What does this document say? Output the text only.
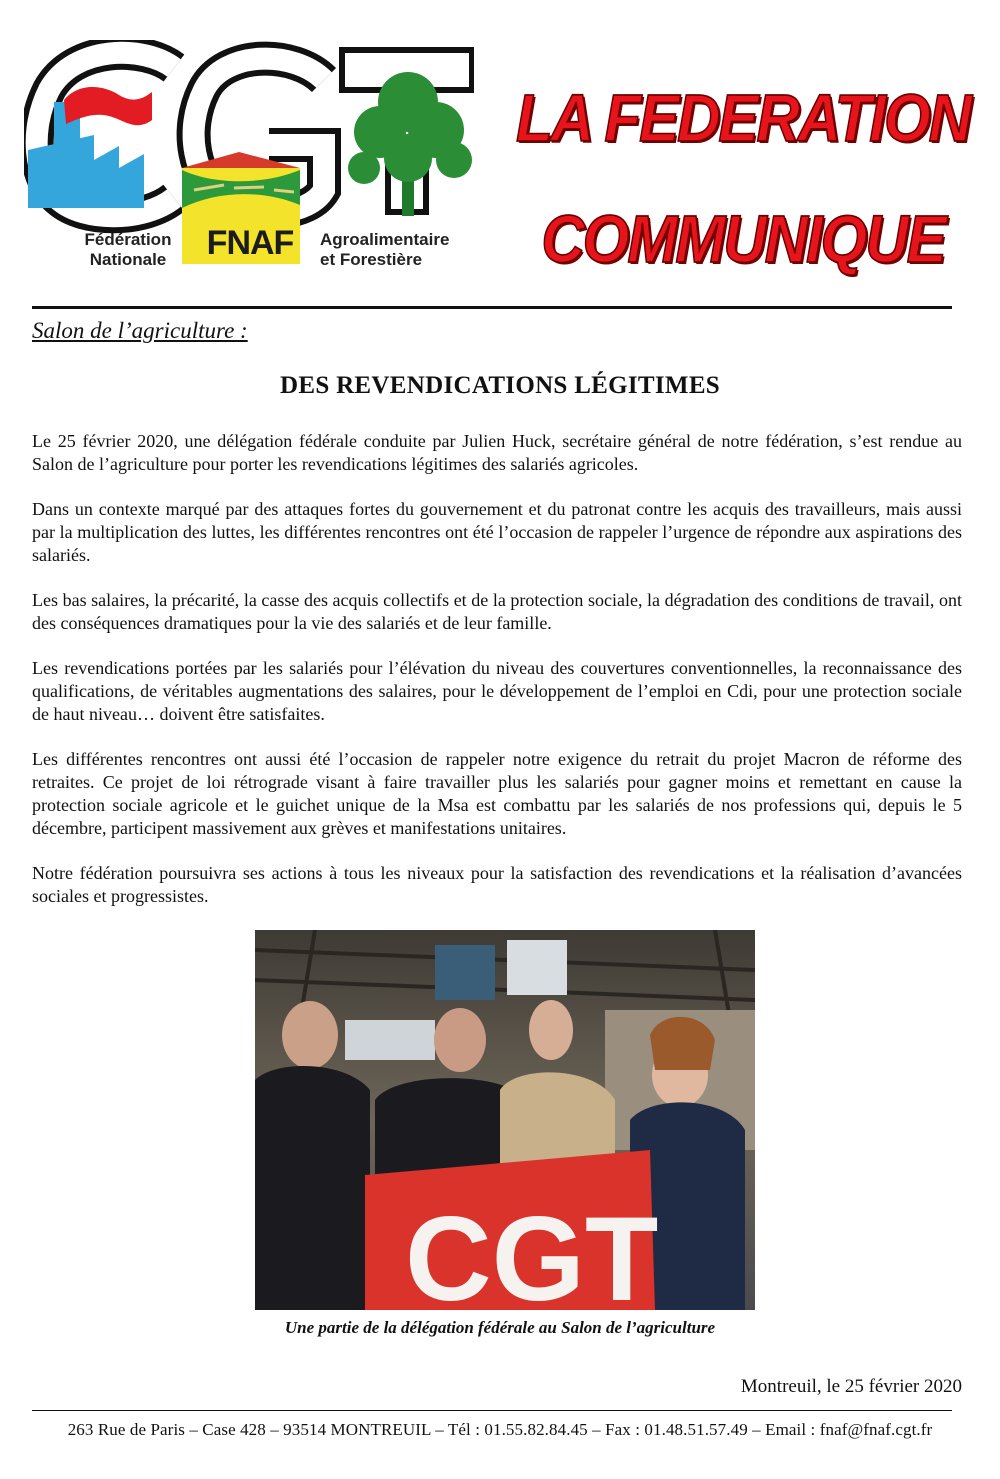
FNAF
Fédération
Nationale
Agroalimentaire
et Forestière
LA FEDERATION
COMMUNIQUE
Salon de l’agriculture :
DES REVENDICATIONS LÉGITIMES

Le 25 février 2020, une délégation fédérale conduite par Julien Huck, secrétaire général de notre fédération, s’est rendue au Salon de l’agriculture pour porter les revendications légitimes des salariés agricoles.

Dans un contexte marqué par des attaques fortes du gouvernement et du patronat contre les acquis des travailleurs, mais aussi par la multiplication des luttes, les différentes rencontres ont été l’occasion de rappeler l’urgence de répondre aux aspirations des salariés.

Les bas salaires, la précarité, la casse des acquis collectifs et de la protection sociale, la dégradation des conditions de travail, ont des conséquences dramatiques pour la vie des salariés et de leur famille.

Les revendications portées par les salariés pour l’élévation du niveau des couvertures conventionnelles, la reconnaissance des qualifications, de véritables augmentations des salaires, pour le développement de l’emploi en Cdi, pour une protection sociale de haut niveau… doivent être satisfaites.

Les différentes rencontres ont aussi été l’occasion de rappeler notre exigence du retrait du projet Macron de réforme des retraites. Ce projet de loi rétrograde visant à faire travailler plus les salariés pour gagner moins et remettant en cause la protection sociale agricole et le guichet unique de la Msa est combattu par les salariés de nos professions qui, depuis le 5 décembre, participent massivement aux grèves et manifestations unitaires.

Notre fédération poursuivra ses actions à tous les niveaux pour la satisfaction des revendications et la réalisation d’avancées sociales et progressistes.

CGT
Une partie de la délégation fédérale au Salon de l’agriculture
Montreuil, le 25 février 2020
263 Rue de Paris – Case 428 – 93514 MONTREUIL – Tél : 01.55.82.84.45 – Fax : 01.48.51.57.49 – Email : fnaf@fnaf.cgt.fr
